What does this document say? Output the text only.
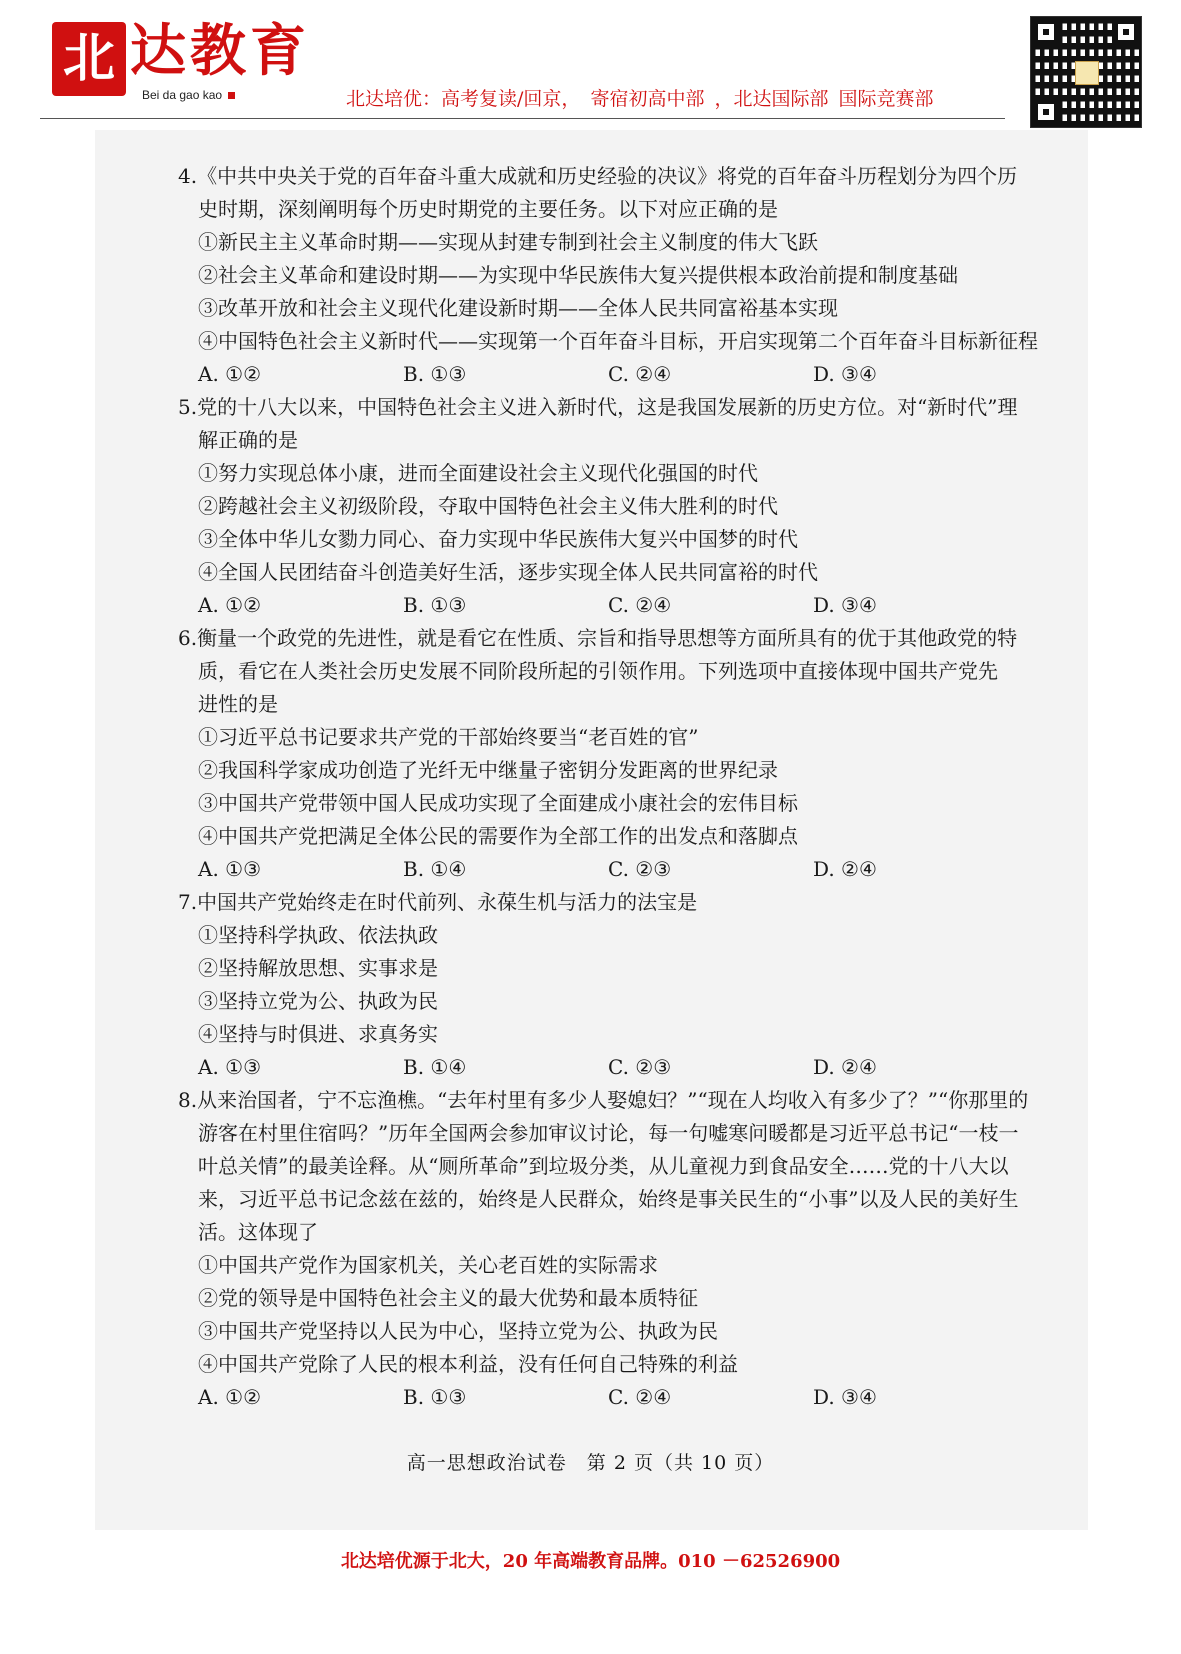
北 达教育
Bei da gao kao	北达培优：高考复读/回京， 寄宿初高中部 ，北达国际部 国际竞赛部

4.《中共中央关于党的百年奋斗重大成就和历史经验的决议》将党的百年奋斗历程划分为四个历

史时期，深刻阐明每个历史时期党的主要任务。以下对应正确的是

①新民主主义革命时期——实现从封建专制到社会主义制度的伟大飞跃

②社会主义革命和建设时期——为实现中华民族伟大复兴提供根本政治前提和制度基础

③改革开放和社会主义现代化建设新时期——全体人民共同富裕基本实现

④中国特色社会主义新时代——实现第一个百年奋斗目标，开启实现第二个百年奋斗目标新征程

A. ①②	B. ①③	C. ②④	D. ③④

5.党的十八大以来，中国特色社会主义进入新时代，这是我国发展新的历史方位。对“新时代”理

解正确的是

①努力实现总体小康，进而全面建设社会主义现代化强国的时代

②跨越社会主义初级阶段，夺取中国特色社会主义伟大胜利的时代

③全体中华儿女勠力同心、奋力实现中华民族伟大复兴中国梦的时代

④全国人民团结奋斗创造美好生活，逐步实现全体人民共同富裕的时代

A. ①②	B. ①③	C. ②④	D. ③④

6.衡量一个政党的先进性，就是看它在性质、宗旨和指导思想等方面所具有的优于其他政党的特

质，看它在人类社会历史发展不同阶段所起的引领作用。下列选项中直接体现中国共产党先

进性的是

①习近平总书记要求共产党的干部始终要当“老百姓的官”

②我国科学家成功创造了光纤无中继量子密钥分发距离的世界纪录

③中国共产党带领中国人民成功实现了全面建成小康社会的宏伟目标

④中国共产党把满足全体公民的需要作为全部工作的出发点和落脚点

A. ①③	B. ①④	C. ②③	D. ②④

7.中国共产党始终走在时代前列、永葆生机与活力的法宝是

①坚持科学执政、依法执政

②坚持解放思想、实事求是

③坚持立党为公、执政为民

④坚持与时俱进、求真务实

A. ①③	B. ①④	C. ②③	D. ②④

8.从来治国者，宁不忘渔樵。“去年村里有多少人娶媳妇？”“现在人均收入有多少了？”“你那里的

游客在村里住宿吗？”历年全国两会参加审议讨论，每一句嘘寒问暖都是习近平总书记“一枝一

叶总关情”的最美诠释。从“厕所革命”到垃圾分类，从儿童视力到食品安全……党的十八大以

来，习近平总书记念兹在兹的，始终是人民群众，始终是事关民生的“小事”以及人民的美好生

活。这体现了

①中国共产党作为国家机关，关心老百姓的实际需求

②党的领导是中国特色社会主义的最大优势和最本质特征

③中国共产党坚持以人民为中心，坚持立党为公、执政为民

④中国共产党除了人民的根本利益，没有任何自己特殊的利益

A. ①②	B. ①③	C. ②④	D. ③④
高一思想政治试卷　第 2 页（共 10 页）
北达培优源于北大，20 年高端教育品牌。010 －62526900
